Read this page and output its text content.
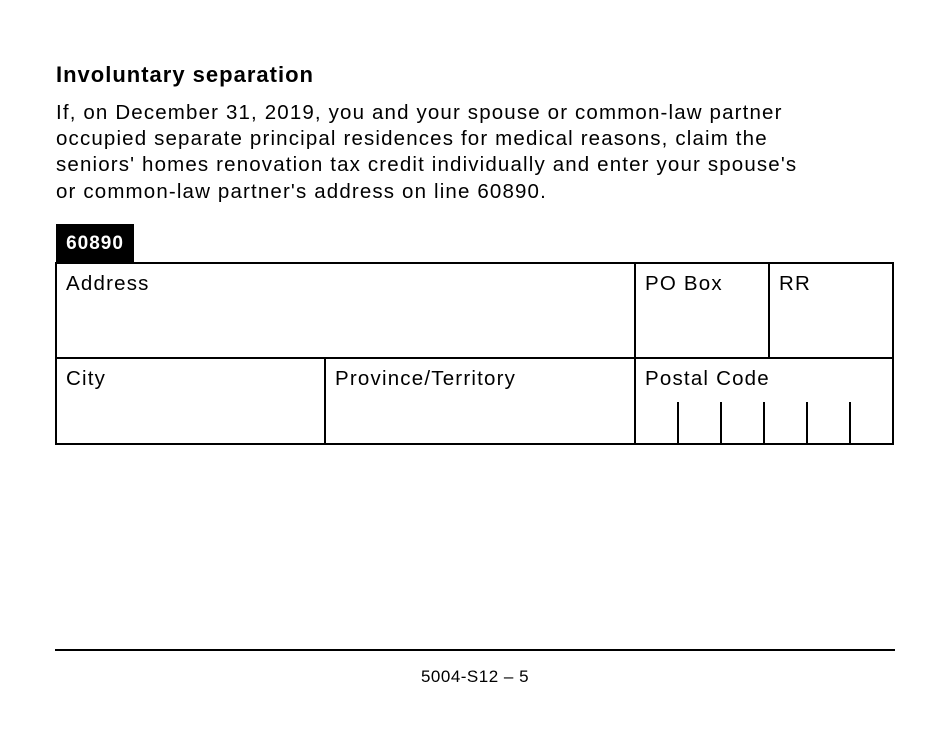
Involuntary separation
If, on December 31, 2019, you and your spouse or common-law partner
occupied separate principal residences for medical reasons, claim the
seniors' homes renovation tax credit individually and enter your spouse's
or common-law partner's address on line 60890.
60890
Address	PO Box	RR
City	Province/Territory	Postal Code
5004-S12 – 5
